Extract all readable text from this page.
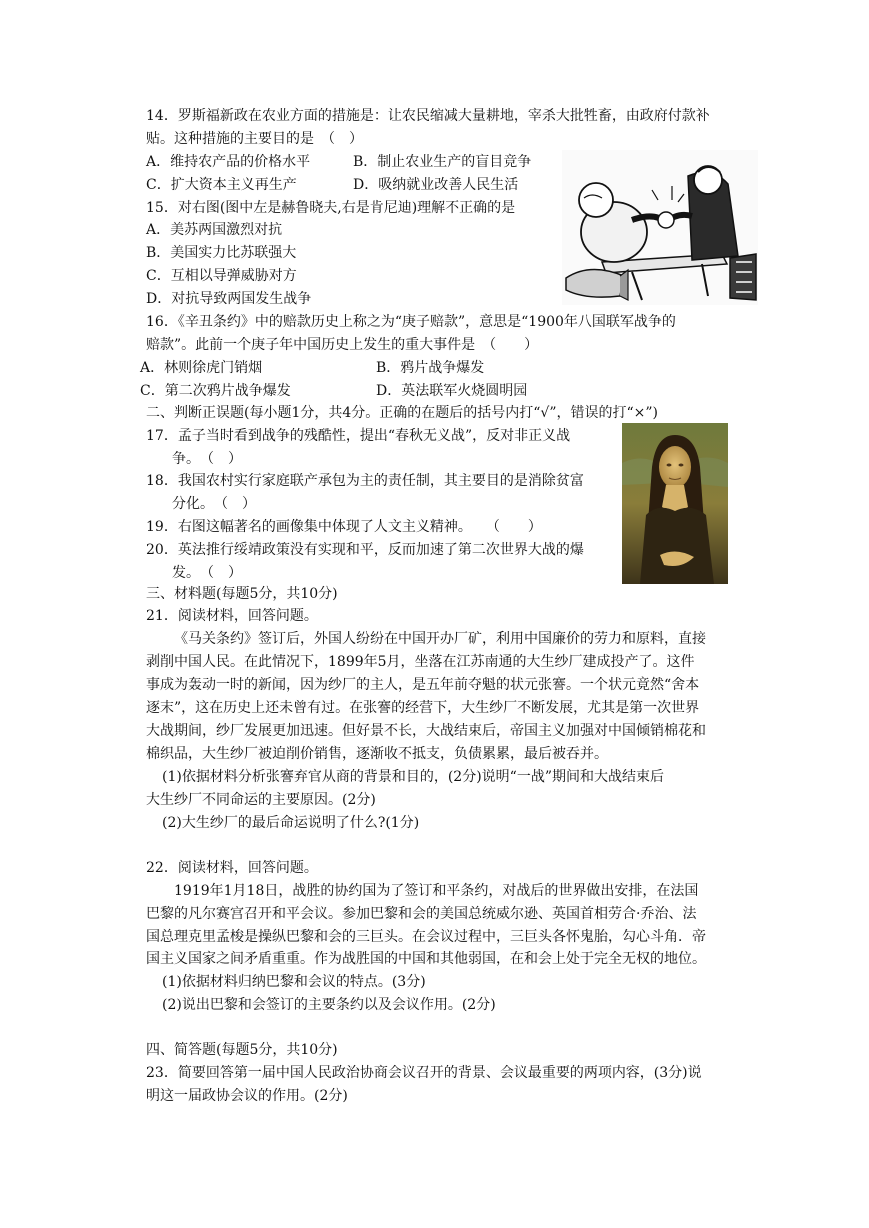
14．罗斯福新政在农业方面的措施是：让农民缩减大量耕地，宰杀大批牲畜，由政府付款补
贴。这种措施的主要目的是　（　）
A．维持农产品的价格水平	B．制止农业生产的盲目竞争
C．扩大资本主义再生产	D．吸纳就业改善人民生活
15．对右图(图中左是赫鲁晓夫,右是肯尼迪)理解不正确的是
A．美苏两国激烈对抗
B．美国实力比苏联强大
C．互相以导弹威胁对方
D．对抗导致两国发生战争
16．《辛丑条约》中的赔款历史上称之为“庚子赔款”，意思是“1900年八国联军战争的
赔款”。此前一个庚子年中国历史上发生的重大事件是　（　　）
A．林则徐虎门销烟	B．鸦片战争爆发
C．第二次鸦片战争爆发	D．英法联军火烧圆明园
二、判断正误题(每小题1分，共4分。正确的在题后的括号内打“√”，错误的打“×”)
17．孟子当时看到战争的残酷性，提出“春秋无义战”，反对非正义战
争。　（　）
18．我国农村实行家庭联产承包为主的责任制，其主要目的是消除贫富
分化。　（　）
19．右图这幅著名的画像集中体现了人文主义精神。　　（　　）
20．英法推行绥靖政策没有实现和平，反而加速了第二次世界大战的爆
发。　（　）
三、材料题(每题5分，共10分)
21．阅读材料，回答问题。
《马关条约》签订后，外国人纷纷在中国开办厂矿，利用中国廉价的劳力和原料，直接
剥削中国人民。在此情况下，1899年5月，坐落在江苏南通的大生纱厂建成投产了。这件
事成为轰动一时的新闻，因为纱厂的主人，是五年前夺魁的状元张謇。一个状元竟然“舍本
逐末”，这在历史上还未曾有过。在张謇的经营下，大生纱厂不断发展，尤其是第一次世界
大战期间，纱厂发展更加迅速。但好景不长，大战结束后，帝国主义加强对中国倾销棉花和
棉织品，大生纱厂被迫削价销售，逐渐收不抵支，负债累累，最后被吞并。
(1)依据材料分析张謇弃官从商的背景和目的，(2分)说明“一战”期间和大战结束后
大生纱厂不同命运的主要原因。(2分)
(2)大生纱厂的最后命运说明了什么?(1分)
22．阅读材料，回答问题。
1919年1月18日，战胜的协约国为了签订和平条约，对战后的世界做出安排，在法国
巴黎的凡尔赛宫召开和平会议。参加巴黎和会的美国总统威尔逊、英国首相劳合·乔治、法
国总理克里孟梭是操纵巴黎和会的三巨头。在会议过程中，三巨头各怀鬼胎，勾心斗角．帝
国主义国家之间矛盾重重。作为战胜国的中国和其他弱国，在和会上处于完全无权的地位。
(1)依据材料归纳巴黎和会议的特点。(3分)
(2)说出巴黎和会签订的主要条约以及会议作用。(2分)
四、简答题(每题5分，共10分)
23．简要回答第一届中国人民政治协商会议召开的背景、会议最重要的两项内容，(3分)说
明这一届政协会议的作用。(2分)
